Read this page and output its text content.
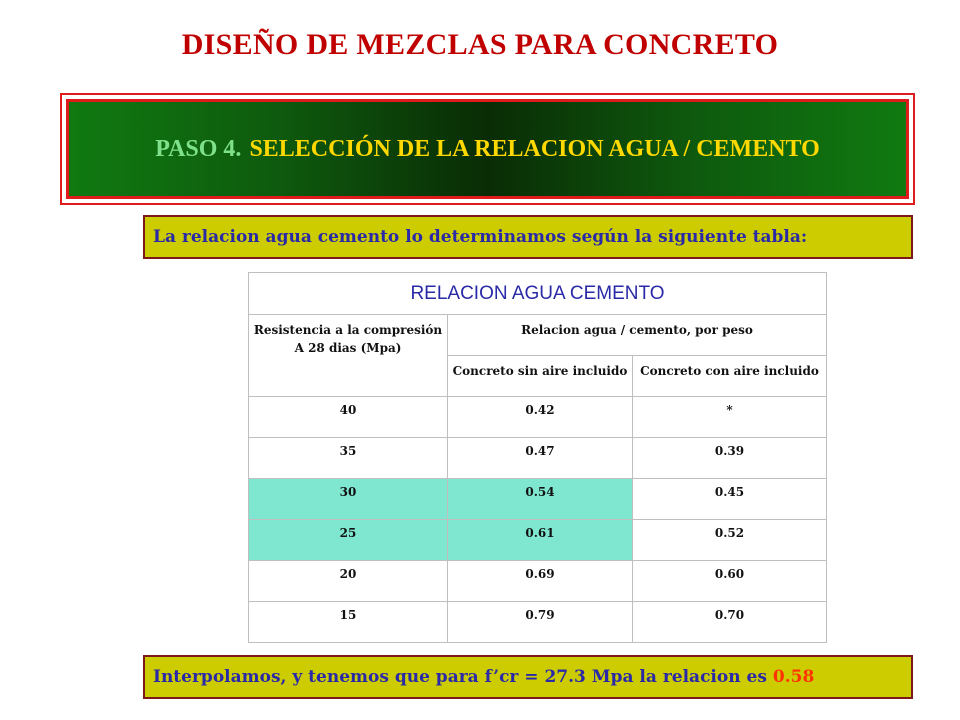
DISEÑO DE MEZCLAS PARA CONCRETO
PASO 4. SELECCIÓN DE LA RELACION AGUA / CEMENTO
La relacion agua cemento lo determinamos según la siguiente tabla:
RELACION AGUA CEMENTO		
Resistencia a la compresión A 28 dias (Mpa)	Relacion agua / cemento, por peso	
	Concreto sin aire incluido	Concreto con aire incluido
40	0.42	*
35	0.47	0.39
30	0.54	0.45
25	0.61	0.52
20	0.69	0.60
15	0.79	0.70
Interpolamos, y tenemos que para f’cr = 27.3 Mpa la relacion es 0.58
